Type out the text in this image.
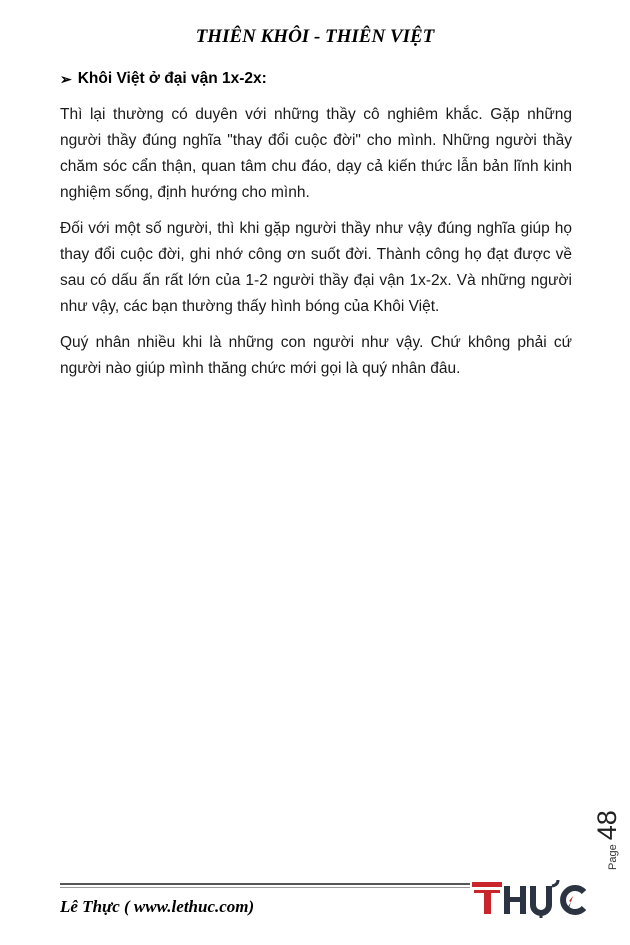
THIÊN KHÔI - THIÊN VIỆT
➢ Khôi Việt ở đại vận 1x-2x:

Thì lại thường có duyên với những thầy cô nghiêm khắc. Gặp những người thầy đúng nghĩa "thay đổi cuộc đời" cho mình. Những người thầy chăm sóc cẩn thận, quan tâm chu đáo, dạy cả kiến thức lẫn bản lĩnh kinh nghiệm sống, định hướng cho mình.

Đối với một số người, thì khi gặp người thầy như vậy đúng nghĩa giúp họ thay đổi cuộc đời, ghi nhớ công ơn suốt đời. Thành công họ đạt được về sau có dấu ấn rất lớn của 1-2 người thầy đại vận 1x-2x. Và những người như vậy, các bạn thường thấy hình bóng của Khôi Việt.

Quý nhân nhiều khi là những con người như vậy. Chứ không phải cứ người nào giúp mình thăng chức mới gọi là quý nhân đâu.

Page
48
Lê Thực ( www.lethuc.com)
